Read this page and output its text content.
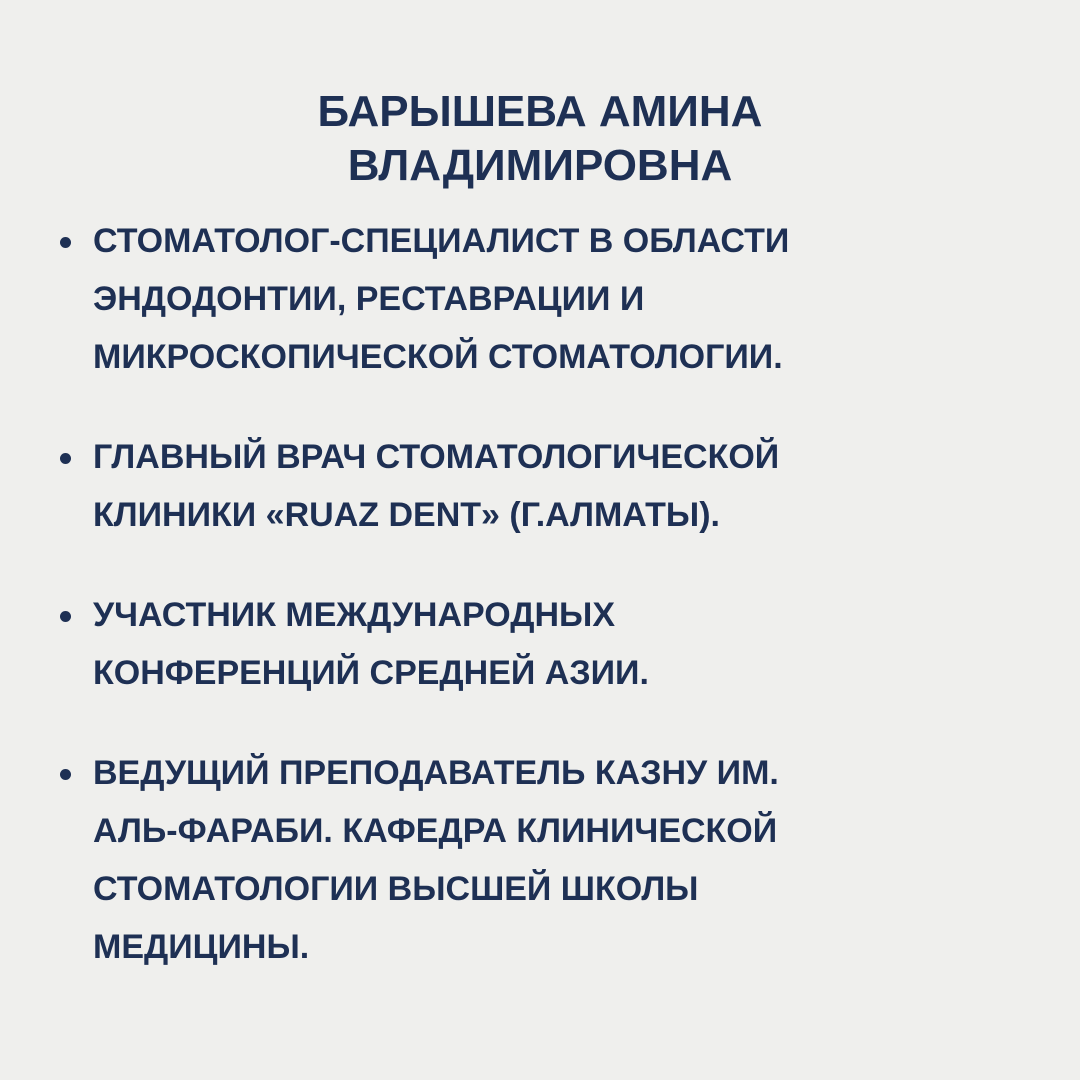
БАРЫШЕВА АМИНА
ВЛАДИМИРОВНА
СТОМАТОЛОГ-СПЕЦИАЛИСТ В ОБЛАСТИ
ЭНДОДОНТИИ, РЕСТАВРАЦИИ И
МИКРОСКОПИЧЕСКОЙ СТОМАТОЛОГИИ.
ГЛАВНЫЙ ВРАЧ СТОМАТОЛОГИЧЕСКОЙ
КЛИНИКИ «RUAZ DENT» (Г.АЛМАТЫ).
УЧАСТНИК МЕЖДУНАРОДНЫХ
КОНФЕРЕНЦИЙ СРЕДНЕЙ АЗИИ.
ВЕДУЩИЙ ПРЕПОДАВАТЕЛЬ КАЗНУ ИМ.
АЛЬ-ФАРАБИ. КАФЕДРА КЛИНИЧЕСКОЙ
СТОМАТОЛОГИИ ВЫСШЕЙ ШКОЛЫ
МЕДИЦИНЫ.
